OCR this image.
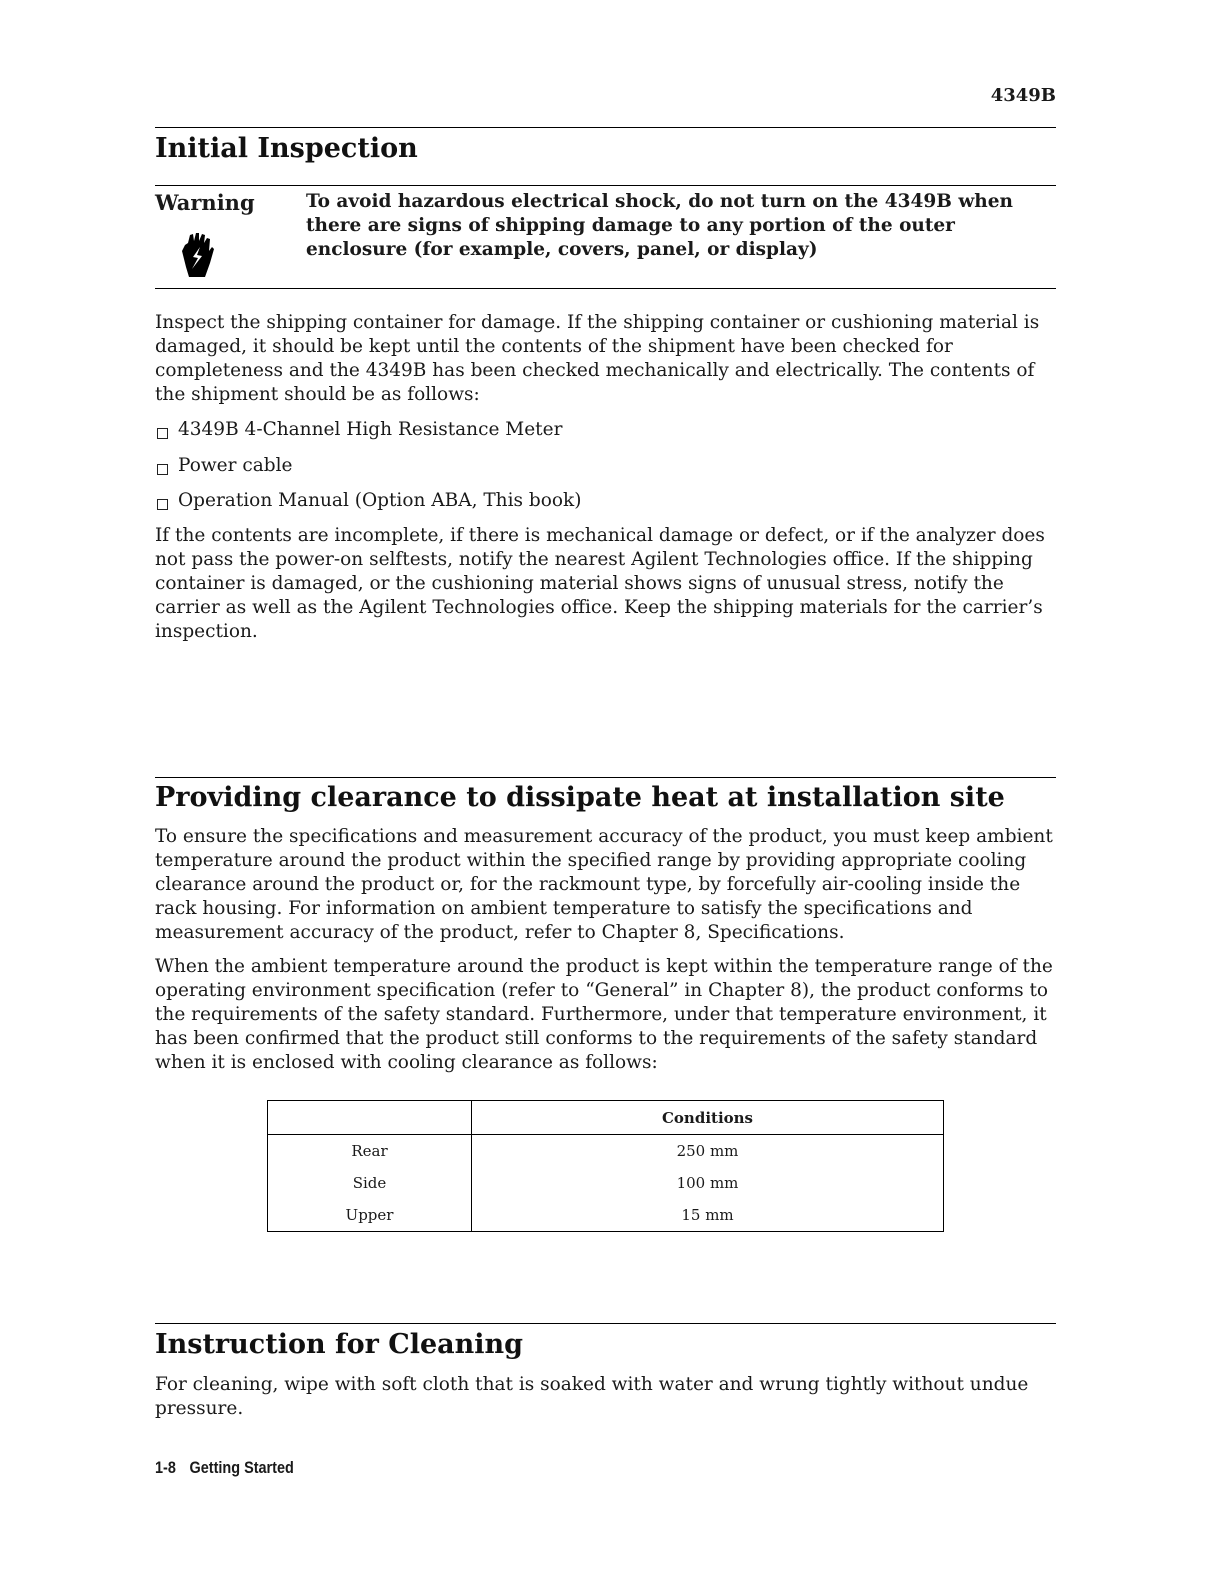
4349B
Initial Inspection
Warning	To avoid hazardous electrical shock, do not turn on the 4349B when there are signs of shipping damage to any portion of the outer enclosure (for example, covers, panel, or display)
Inspect the shipping container for damage. If the shipping container or cushioning material is damaged, it should be kept until the contents of the shipment have been checked for completeness and the 4349B has been checked mechanically and electrically. The contents of the shipment should be as follows:
4349B 4-Channel High Resistance Meter
Power cable
Operation Manual (Option ABA, This book)
If the contents are incomplete, if there is mechanical damage or defect, or if the analyzer does not pass the power-on selftests, notify the nearest Agilent Technologies office. If the shipping container is damaged, or the cushioning material shows signs of unusual stress, notify the carrier as well as the Agilent Technologies office. Keep the shipping materials for the carrier’s inspection.
Providing clearance to dissipate heat at installation site
To ensure the specifications and measurement accuracy of the product, you must keep ambient temperature around the product within the specified range by providing appropriate cooling clearance around the product or, for the rackmount type, by forcefully air-cooling inside the rack housing. For information on ambient temperature to satisfy the specifications and measurement accuracy of the product, refer to Chapter 8, Specifications.
When the ambient temperature around the product is kept within the temperature range of the operating environment specification (refer to “General” in Chapter 8), the product conforms to the requirements of the safety standard. Furthermore, under that temperature environment, it has been confirmed that the product still conforms to the requirements of the safety standard when it is enclosed with cooling clearance as follows:
	Conditions
Rear	250 mm
Side	100 mm
Upper	15 mm
Instruction for Cleaning
For cleaning, wipe with soft cloth that is soaked with water and wrung tightly without undue pressure.
1-8 Getting Started
